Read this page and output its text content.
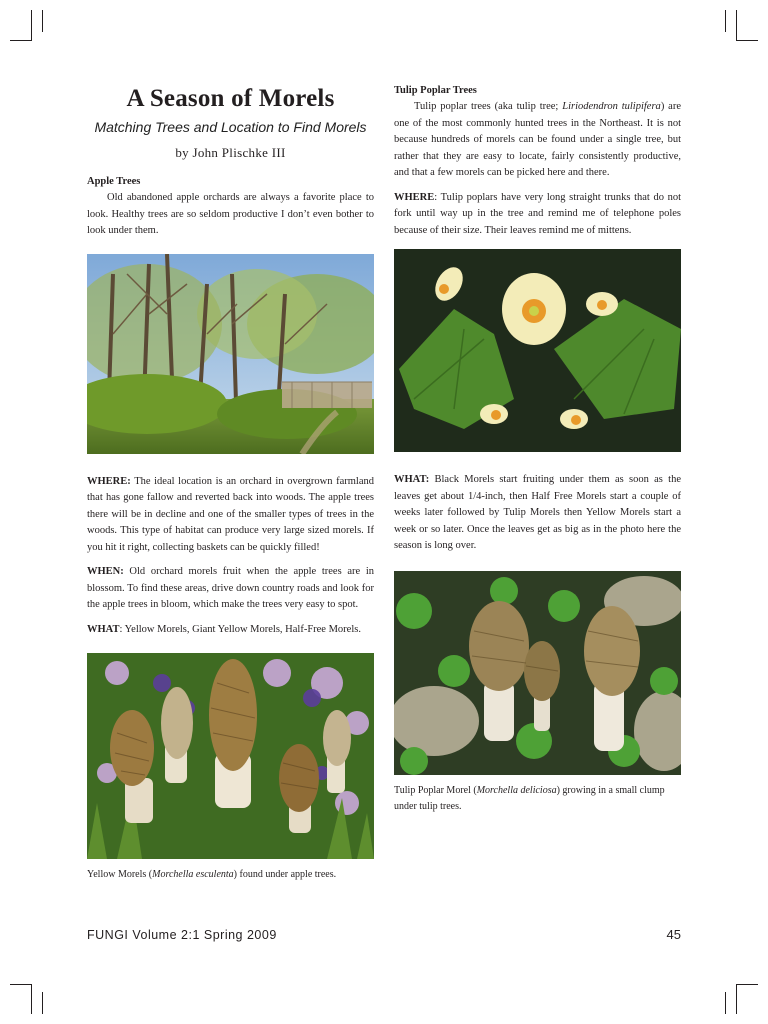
A Season of Morels
Matching Trees and Location to Find Morels
by John Plischke III
Apple Trees

Old abandoned apple orchards are always a favorite place to look. Healthy trees are so seldom productive I don’t even bother to look under them.

WHERE: The ideal location is an orchard in overgrown farmland that has gone fallow and reverted back into woods. The apple trees there will be in decline and one of the smaller types of trees in the woods. This type of habitat can produce very large sized morels. If you hit it right, collecting baskets can be quickly filled!

WHEN: Old orchard morels fruit when the apple trees are in blossom. To find these areas, drive down country roads and look for the apple trees in bloom, which make the trees very easy to spot.

WHAT: Yellow Morels, Giant Yellow Morels, Half-Free Morels.

Yellow Morels (Morchella esculenta) found under apple trees.

Tulip Poplar Trees

Tulip poplar trees (aka tulip tree; Liriodendron tulipifera) are one of the most commonly hunted trees in the Northeast. It is not because hundreds of morels can be found under a single tree, but rather that they are easy to locate, fairly consistently productive, and that a few morels can be picked here and there.

WHERE: Tulip poplars have very long straight trunks that do not fork until way up in the tree and remind me of telephone poles because of their size. Their leaves remind me of mittens.

WHAT: Black Morels start fruiting under them as soon as the leaves get about 1/4-inch, then Half Free Morels start a couple of weeks later followed by Tulip Morels then Yellow Morels start a week or so later. Once the leaves get as big as in the photo here the season is long over.

Tulip Poplar Morel (Morchella deliciosa) growing in a small clump under tulip trees.

FUNGI Volume 2:1 Spring 2009	45
